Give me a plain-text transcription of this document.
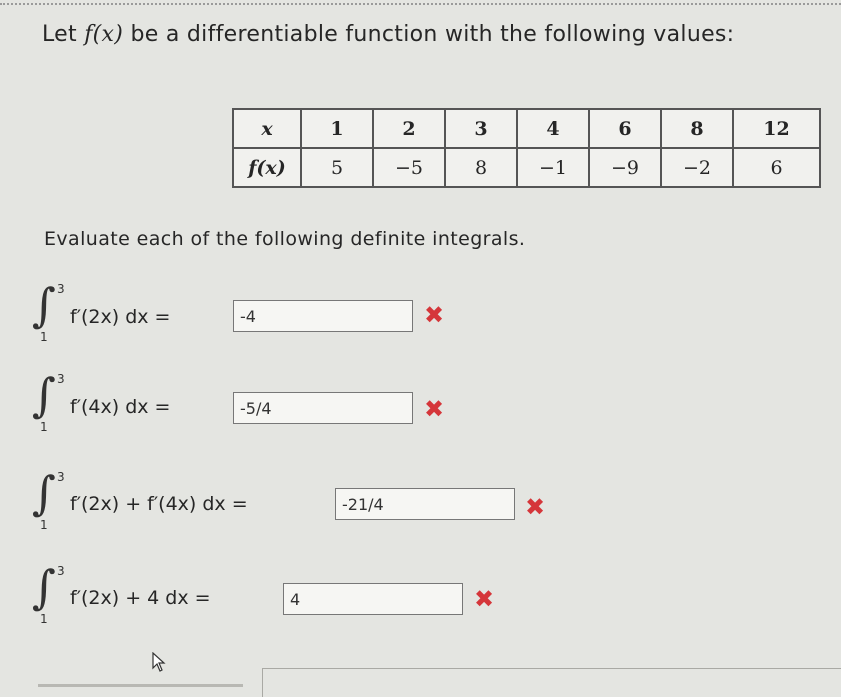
Let f(x) be a differentiable function with the following values:
x	1	2	3	4	6	8	12
f(x)	5	−5	8	−1	−9	−2	6
Evaluate each of the following definite integrals.
∫ 3
1
f′(2x) dx =
-4	✖
∫ 3
1
f′(4x) dx =
-5/4	✖
∫ 3
1
f′(2x) + f′(4x) dx =
-21/4	✖
∫ 3
1
f′(2x) + 4 dx =
4	✖
